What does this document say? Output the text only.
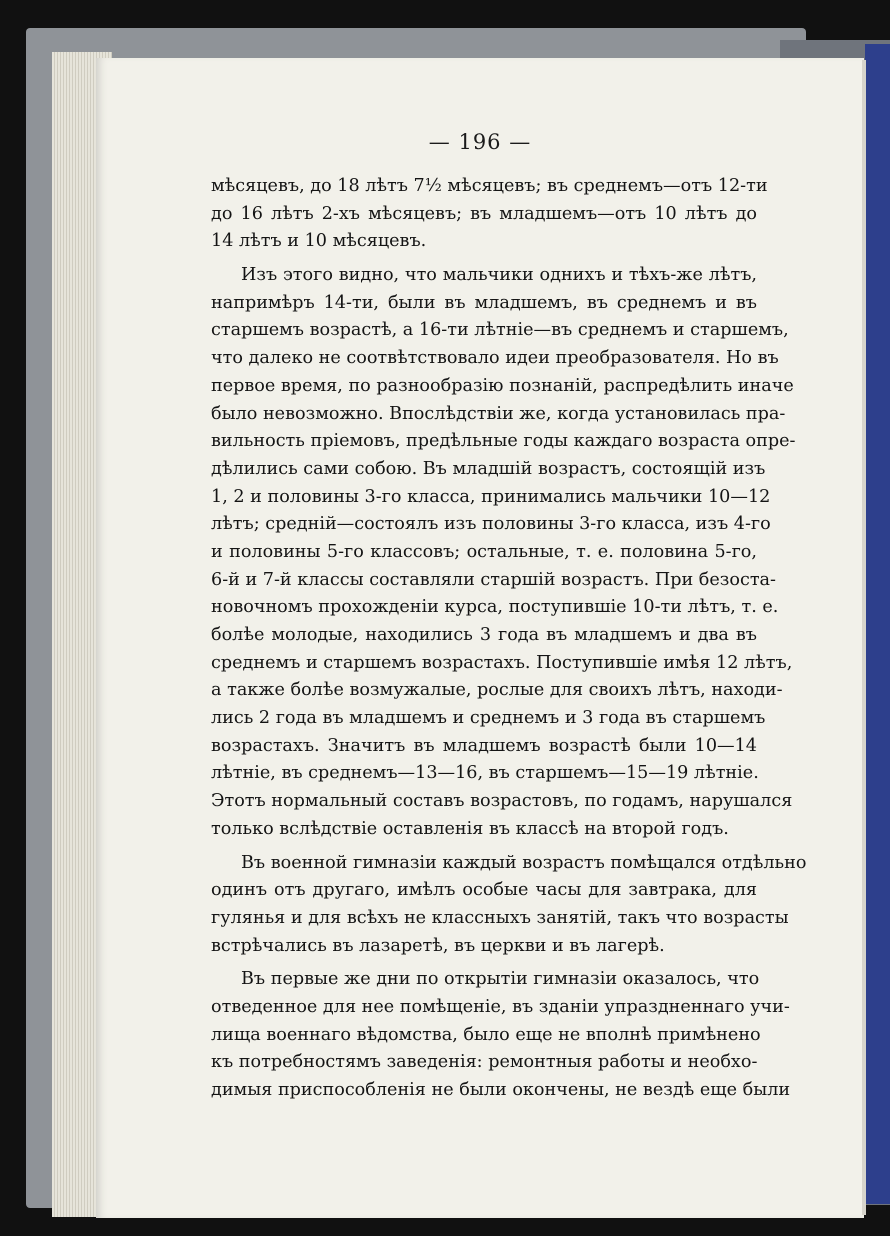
— 196 —
мѣсяцевъ, до 18 лѣтъ 7½ мѣсяцевъ; въ среднемъ—отъ 12-ти
до 16 лѣтъ 2-хъ мѣсяцевъ; въ младшемъ—отъ 10 лѣтъ до
14 лѣтъ и 10 мѣсяцевъ.
Изъ этого видно, что мальчики однихъ и тѣхъ-же лѣтъ,
напримѣръ 14-ти, были въ младшемъ, въ среднемъ и въ
старшемъ возрастѣ, а 16-ти лѣтніе—въ среднемъ и старшемъ,
что далеко не соотвѣтствовало идеи преобразователя. Но въ
первое время, по разнообразію познаній, распредѣлить иначе
было невозможно. Впослѣдствіи же, когда установилась пра-
вильность пріемовъ, предѣльные годы каждаго возраста опре-
дѣлились сами собою. Въ младшій возрастъ, состоящій изъ
1, 2 и половины 3-го класса, принимались мальчики 10—12
лѣтъ; средній—состоялъ изъ половины 3-го класса, изъ 4-го
и половины 5-го классовъ; остальные, т. е. половина 5-го,
6-й и 7-й классы составляли старшій возрастъ. При безоста-
новочномъ прохожденіи курса, поступившіе 10-ти лѣтъ, т. е.
болѣе молодые, находились 3 года въ младшемъ и два въ
среднемъ и старшемъ возрастахъ. Поступившіе имѣя 12 лѣтъ,
а также болѣе возмужалые, рослые для своихъ лѣтъ, находи-
лись 2 года въ младшемъ и среднемъ и 3 года въ старшемъ
возрастахъ. Значитъ въ младшемъ возрастѣ были 10—14
лѣтніе, въ среднемъ—13—16, въ старшемъ—15—19 лѣтніе.
Этотъ нормальный составъ возрастовъ, по годамъ, нарушался
только вслѣдствіе оставленія въ классѣ на второй годъ.
Въ военной гимназіи каждый возрастъ помѣщался отдѣльно
одинъ отъ другаго, имѣлъ особые часы для завтрака, для
гулянья и для всѣхъ не классныхъ занятій, такъ что возрасты
встрѣчались въ лазаретѣ, въ церкви и въ лагерѣ.
Въ первые же дни по открытіи гимназіи оказалось, что
отведенное для нее помѣщеніе, въ зданіи упраздненнаго учи-
лища военнаго вѣдомства, было еще не вполнѣ примѣнено
къ потребностямъ заведенія: ремонтныя работы и необхо-
димыя приспособленія не были окончены, не вездѣ еще были
